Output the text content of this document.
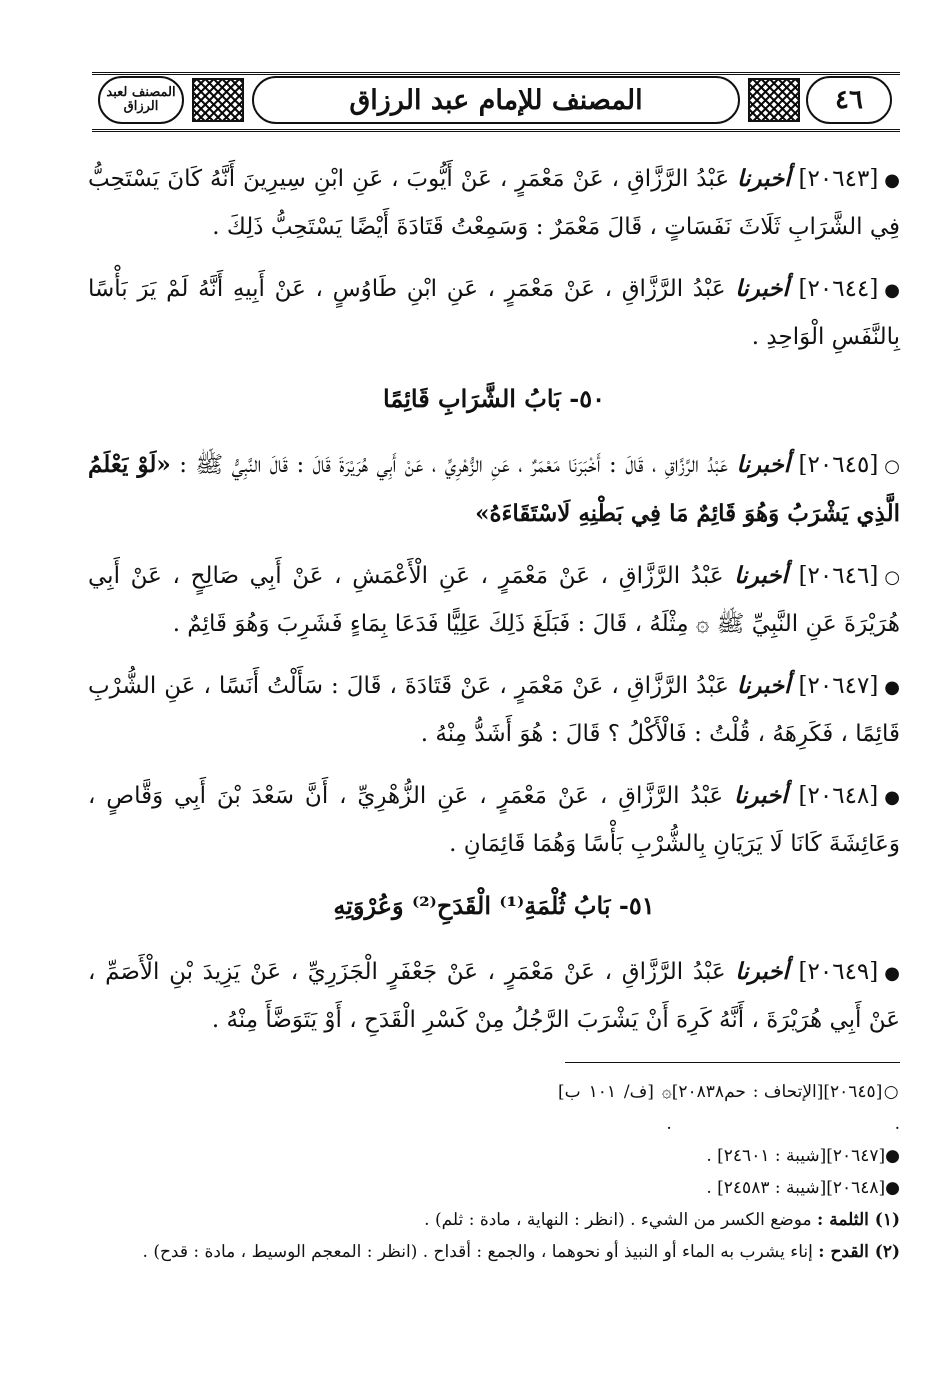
المصنف لعبد الرزاق	المصنف للإمام عبد الرزاق	٤٦

●[٢٠٦٤٣] أخبرنا عَبْدُ الرَّزَّاقِ ، عَنْ مَعْمَرٍ ، عَنْ أَيُّوبَ ، عَنِ ابْنِ سِيرِينَ أَنَّهُ كَانَ يَسْتَحِبُّ فِي الشَّرَابِ ثَلَاثَ نَفَسَاتٍ ، قَالَ مَعْمَرٌ : وَسَمِعْتُ قَتَادَةَ أَيْضًا يَسْتَحِبُّ ذَلِكَ .

●[٢٠٦٤٤] أخبرنا عَبْدُ الرَّزَّاقِ ، عَنْ مَعْمَرٍ ، عَنِ ابْنِ طَاوُسٍ ، عَنْ أَبِيهِ أَنَّهُ لَمْ يَرَ بَأْسًا بِالنَّفَسِ الْوَاحِدِ .

٥٠- بَابُ الشَّرَابِ قَائِمًا

○[٢٠٦٤٥] أخبرنا عَبْدُ الرَّزَّاقِ ، قَالَ : أَخْبَرَنَا مَعْمَرٌ ، عَنِ الزُّهْرِيِّ ، عَنْ أَبِي هُرَيْرَةَ قَالَ : قَالَ النَّبِيُّ ﷺ : «لَوْ يَعْلَمُ الَّذِي يَشْرَبُ وَهُوَ قَائِمٌ مَا فِي بَطْنِهِ لَاسْتَقَاءَهُ»

○[٢٠٦٤٦] أخبرنا عَبْدُ الرَّزَّاقِ ، عَنْ مَعْمَرٍ ، عَنِ الْأَعْمَشِ ، عَنْ أَبِي صَالِحٍ ، عَنْ أَبِي هُرَيْرَةَ عَنِ النَّبِيِّ ﷺ ۞ مِثْلَهُ ، قَالَ : فَبَلَغَ ذَلِكَ عَلِيًّا فَدَعَا بِمَاءٍ فَشَرِبَ وَهُوَ قَائِمٌ .

●[٢٠٦٤٧] أخبرنا عَبْدُ الرَّزَّاقِ ، عَنْ مَعْمَرٍ ، عَنْ قَتَادَةَ ، قَالَ : سَأَلْتُ أَنَسًا ، عَنِ الشُّرْبِ قَائِمًا ، فَكَرِهَهُ ، قُلْتُ : فَالْأَكْلُ ؟ قَالَ : هُوَ أَشَدُّ مِنْهُ .

●[٢٠٦٤٨] أخبرنا عَبْدُ الرَّزَّاقِ ، عَنْ مَعْمَرٍ ، عَنِ الزُّهْرِيِّ ، أَنَّ سَعْدَ بْنَ أَبِي وَقَّاصٍ ، وَعَائِشَةَ كَانَا لَا يَرَيَانِ بِالشُّرْبِ بَأْسًا وَهُمَا قَائِمَانِ .

٥١- بَابُ ثُلْمَةِ⁽¹⁾ الْقَدَحِ⁽²⁾ وَعُرْوَتِهِ

●[٢٠٦٤٩] أخبرنا عَبْدُ الرَّزَّاقِ ، عَنْ مَعْمَرٍ ، عَنْ جَعْفَرٍ الْجَزَرِيِّ ، عَنْ يَزِيدَ بْنِ الْأَصَمِّ ، عَنْ أَبِي هُرَيْرَةَ ، أَنَّهُ كَرِهَ أَنْ يَشْرَبَ الرَّجُلُ مِنْ كَسْرِ الْقَدَحِ ، أَوْ يَتَوَضَّأَ مِنْهُ .

○[٢٠٦٤٥][الإتحاف : حم٢٠٨٣٨] .

۞ [ف/ ١٠١ ب] .

●[٢٠٦٤٧][شيبة : ٢٤٦٠١] .

●[٢٠٦٤٨][شيبة : ٢٤٥٨٣] .

(١) الثلمة : موضع الكسر من الشيء . (انظر : النهاية ، مادة : ثلم) .

(٢) القدح : إناء يشرب به الماء أو النبيذ أو نحوهما ، والجمع : أقداح . (انظر : المعجم الوسيط ، مادة : قدح) .
